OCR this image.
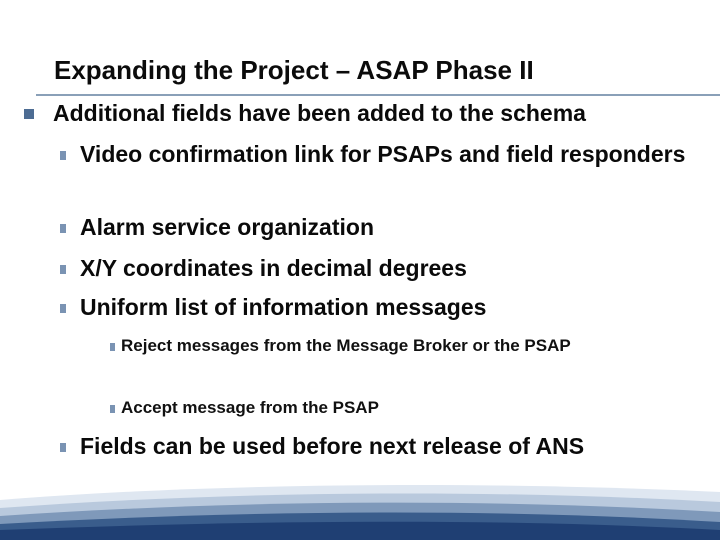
Expanding the Project – ASAP Phase II
Additional fields have been added to the schema
Video confirmation link for PSAPs and field responders
Alarm service organization
X/Y coordinates in decimal degrees
Uniform list of information messages
Reject messages from the Message Broker or the PSAP
Accept message from the PSAP
Fields can be used before next release of ANS
